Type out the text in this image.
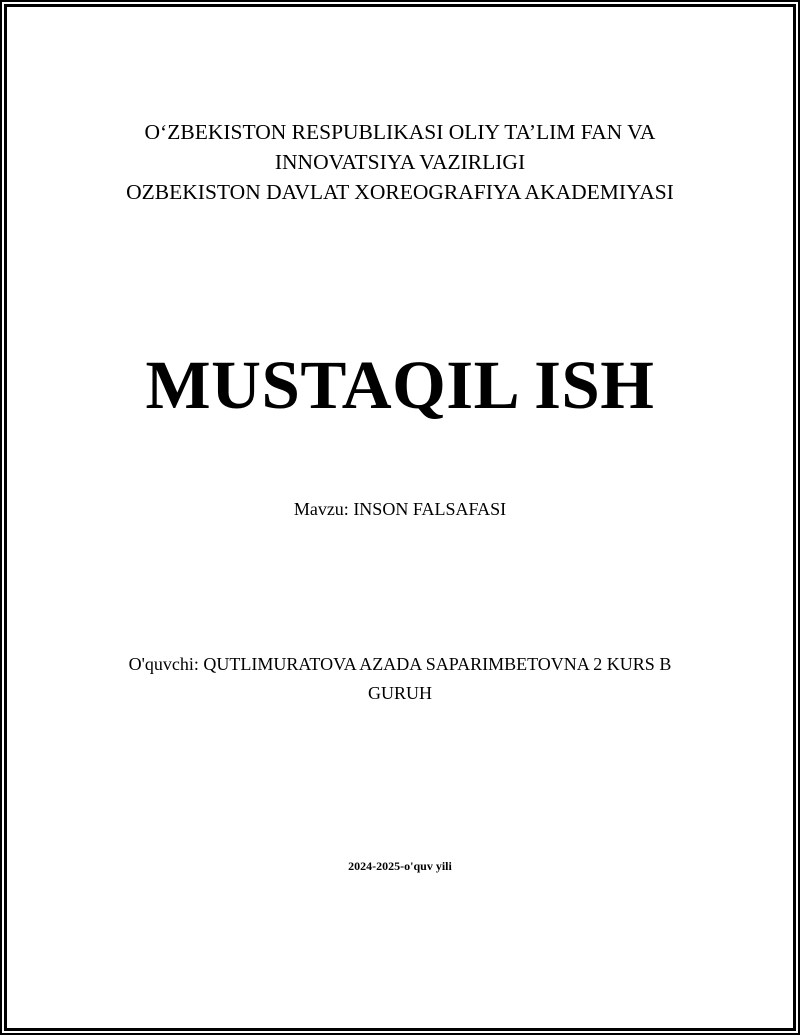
O‘ZBEKISTON RESPUBLIKASI OLIY TA’LIM FAN VA INNOVATSIYA VAZIRLIGI
OZBEKISTON DAVLAT XOREOGRAFIYA AKADEMIYASI
MUSTAQIL ISH
Mavzu: INSON FALSAFASI
O'quvchi: QUTLIMURATOVA AZADA SAPARIMBETOVNA 2 KURS B GURUH
2024-2025-o'quv yili
